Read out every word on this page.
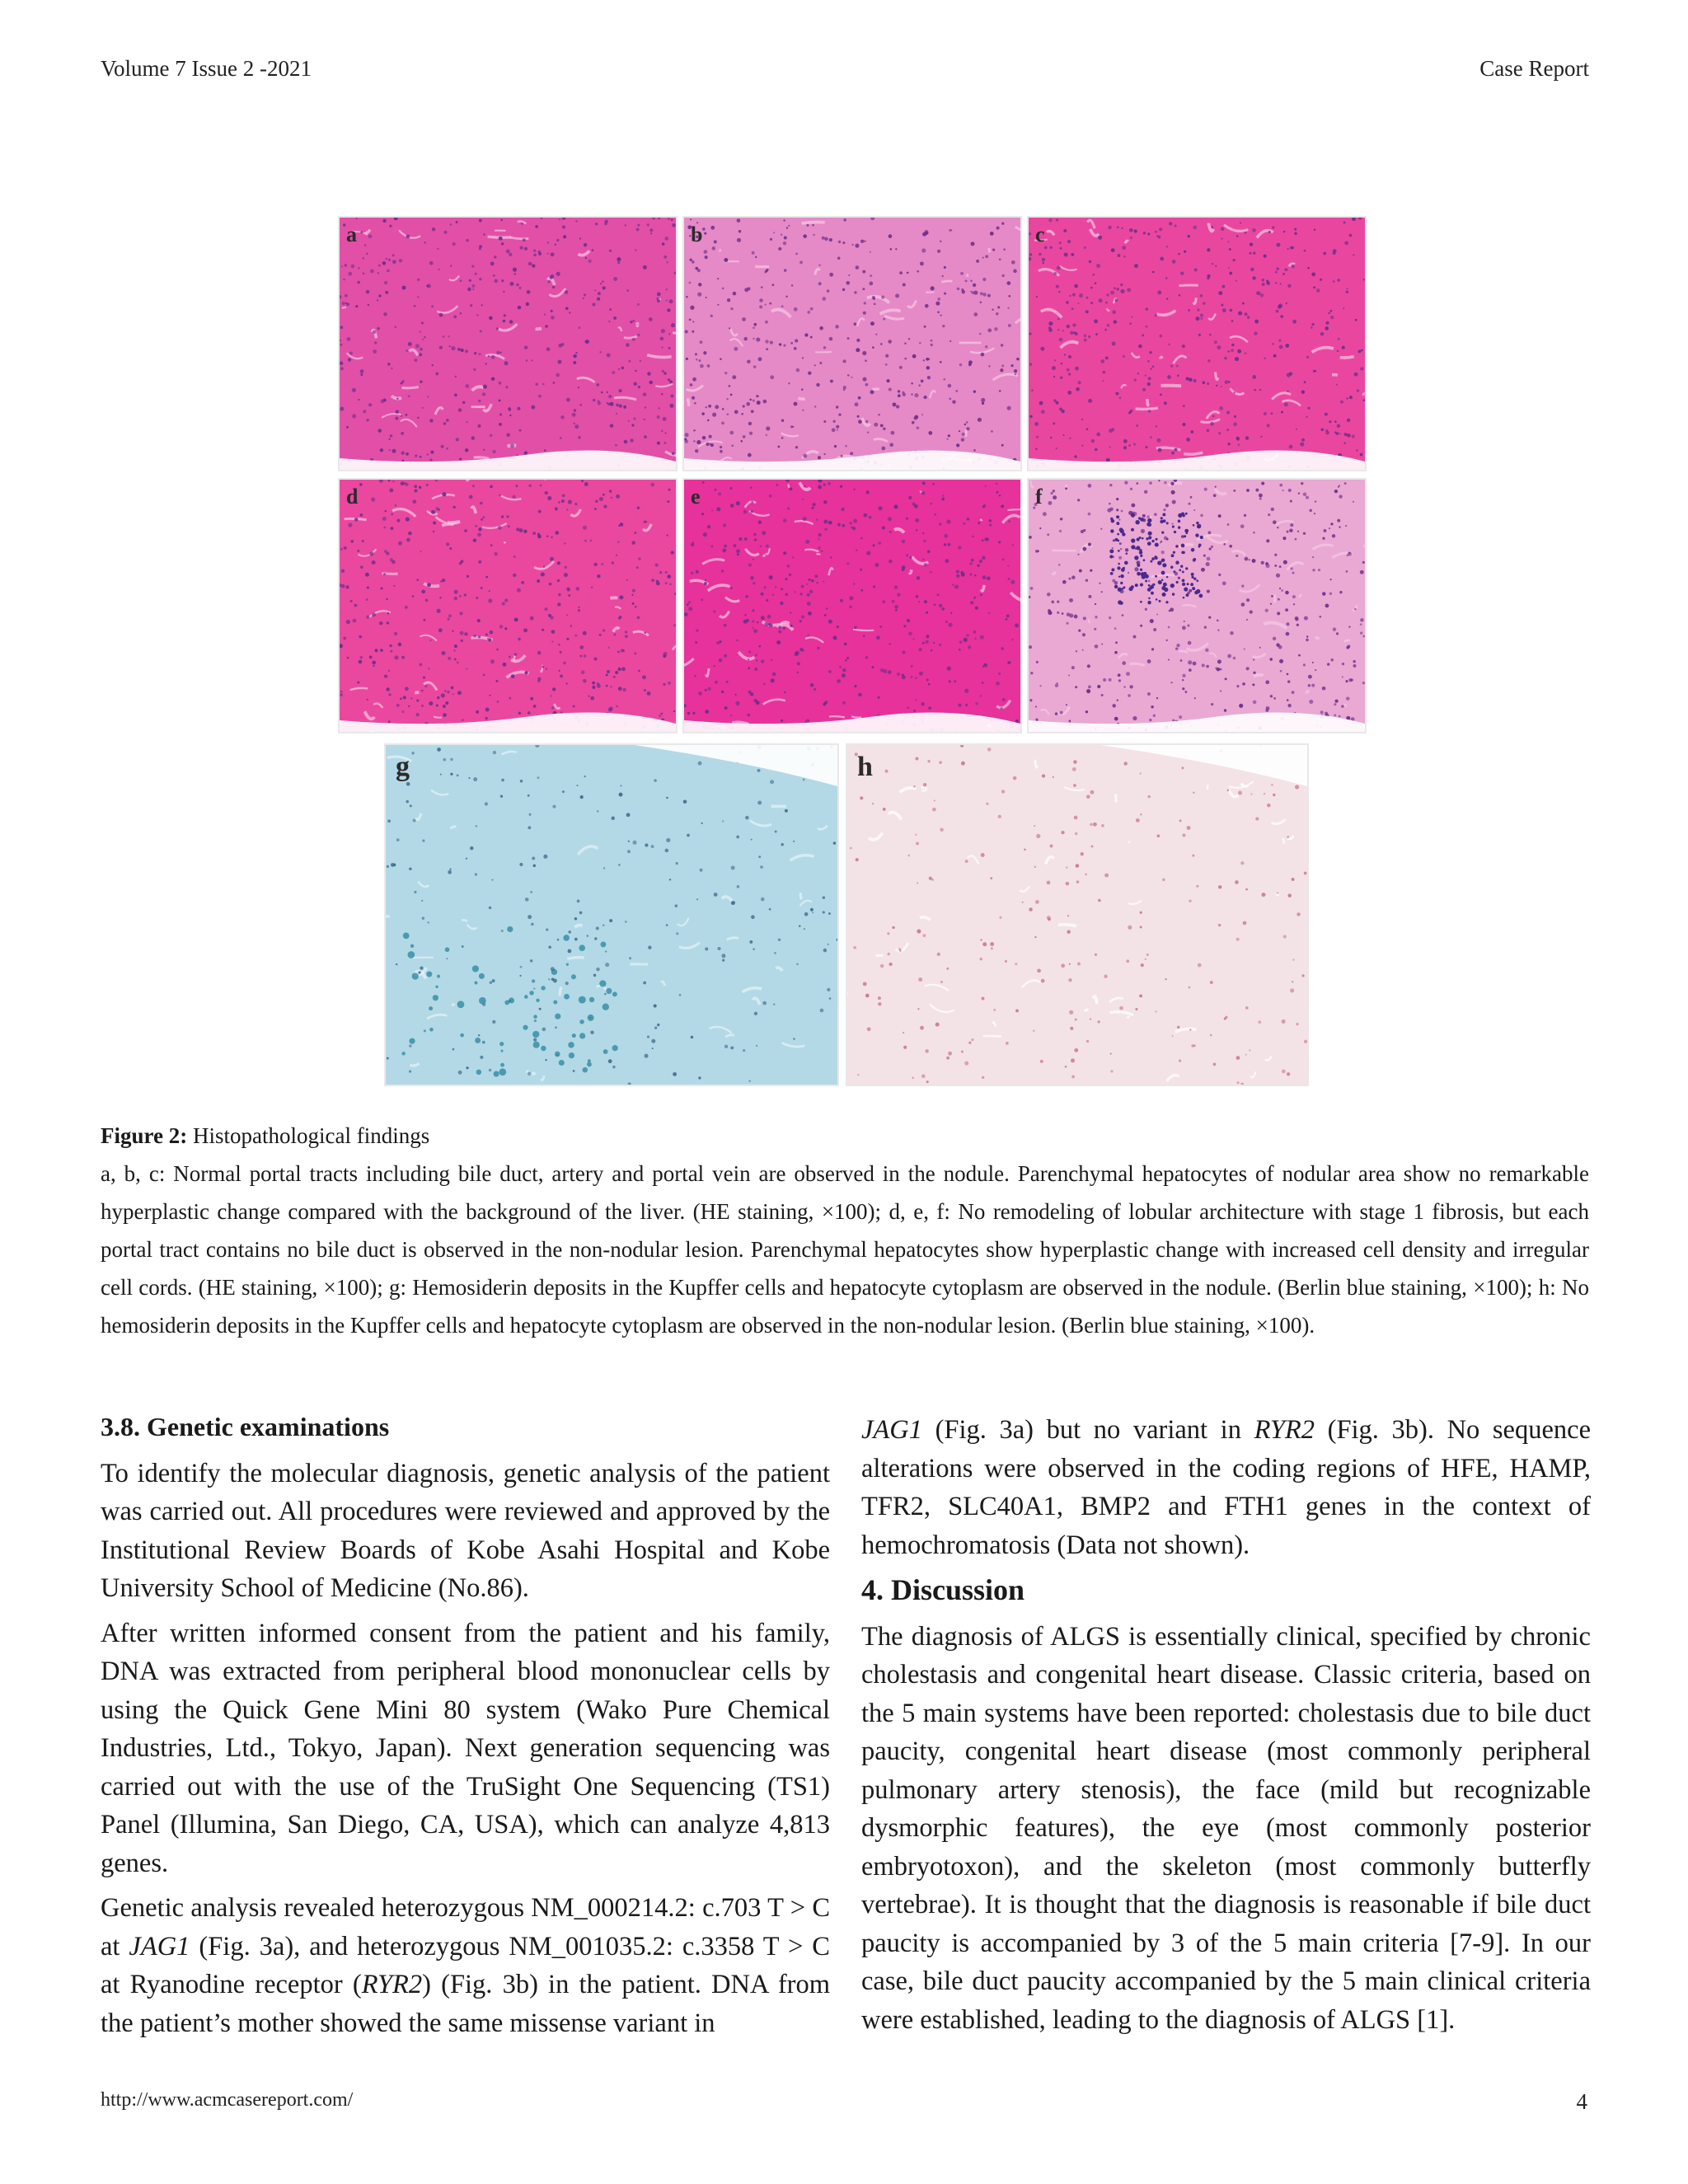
Volume 7 Issue 2 -2021	Case Report
a	b	c
d	e	f
g	h
Figure 2: Histopathological findings
a, b, c: Normal portal tracts including bile duct, artery and portal vein are observed in the nodule. Parenchymal hepatocytes of nodular area show no remarkable hyperplastic change compared with the background of the liver. (HE staining, ×100); d, e, f: No remodeling of lobular architecture with stage 1 fibrosis, but each portal tract contains no bile duct is observed in the non-nodular lesion. Parenchymal hepatocytes show hyperplastic change with increased cell density and irregular cell cords. (HE staining, ×100); g: Hemosiderin deposits in the Kupffer cells and hepatocyte cytoplasm are observed in the nodule. (Berlin blue staining, ×100); h: No hemosiderin deposits in the Kupffer cells and hepatocyte cytoplasm are observed in the non-nodular lesion. (Berlin blue staining, ×100).
3.8. Genetic examinations

To identify the molecular diagnosis, genetic analysis of the patient was carried out. All procedures were reviewed and approved by the Institutional Review Boards of Kobe Asahi Hospital and Kobe University School of Medicine (No.86).

After written informed consent from the patient and his family, DNA was extracted from peripheral blood mononuclear cells by using the Quick Gene Mini 80 system (Wako Pure Chemical Industries, Ltd., Tokyo, Japan). Next generation sequencing was carried out with the use of the TruSight One Sequencing (TS1) Panel (Illumina, San Diego, CA, USA), which can analyze 4,813 genes.

Genetic analysis revealed heterozygous NM_000214.2: c.703 T > C at JAG1 (Fig. 3a), and heterozygous NM_001035.2: c.3358 T > C at Ryanodine receptor (RYR2) (Fig. 3b) in the patient. DNA from the patient’s mother showed the same missense variant in

JAG1 (Fig. 3a) but no variant in RYR2 (Fig. 3b). No sequence alterations were observed in the coding regions of HFE, HAMP, TFR2, SLC40A1, BMP2 and FTH1 genes in the context of hemochromatosis (Data not shown).

4. Discussion

The diagnosis of ALGS is essentially clinical, specified by chronic cholestasis and congenital heart disease. Classic criteria, based on the 5 main systems have been reported: cholestasis due to bile duct paucity, congenital heart disease (most commonly peripheral pulmonary artery stenosis), the face (mild but recognizable dysmorphic features), the eye (most commonly posterior embryotoxon), and the skeleton (most commonly butterfly vertebrae). It is thought that the diagnosis is reasonable if bile duct paucity is accompanied by 3 of the 5 main criteria [7-9]. In our case, bile duct paucity accompanied by the 5 main clinical criteria were established, leading to the diagnosis of ALGS [1].

http://www.acmcasereport.com/	4
